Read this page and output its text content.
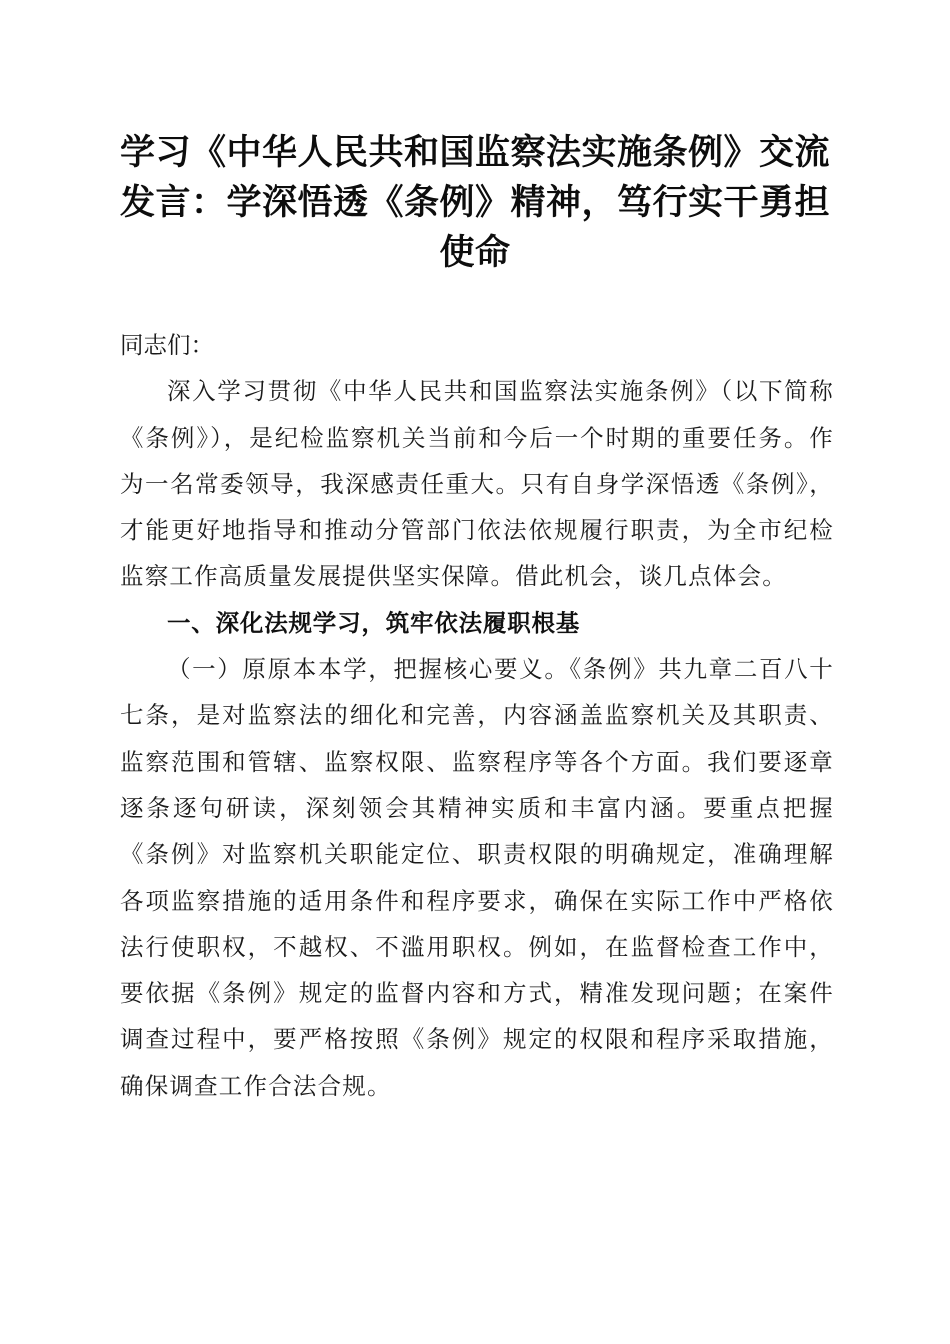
学习《中华人民共和国监察法实施条例》交流
发言：学深悟透《条例》精神，笃行实干勇担
使命

同志们：

深入学习贯彻《中华人民共和国监察法实施条例》（以下简称《条例》），是纪检监察机关当前和今后一个时期的重要任务。作为一名常委领导，我深感责任重大。只有自身学深悟透《条例》，才能更好地指导和推动分管部门依法依规履行职责，为全市纪检监察工作高质量发展提供坚实保障。借此机会，谈几点体会。

一、深化法规学习，筑牢依法履职根基

（一）原原本本学，把握核心要义。《条例》共九章二百八十七条，是对监察法的细化和完善，内容涵盖监察机关及其职责、监察范围和管辖、监察权限、监察程序等各个方面。我们要逐章逐条逐句研读，深刻领会其精神实质和丰富内涵。要重点把握《条例》对监察机关职能定位、职责权限的明确规定，准确理解各项监察措施的适用条件和程序要求，确保在实际工作中严格依法行使职权，不越权、不滥用职权。例如，在监督检查工作中，要依据《条例》规定的监督内容和方式，精准发现问题；在案件调查过程中，要严格按照《条例》规定的权限和程序采取措施，确保调查工作合法合规。
